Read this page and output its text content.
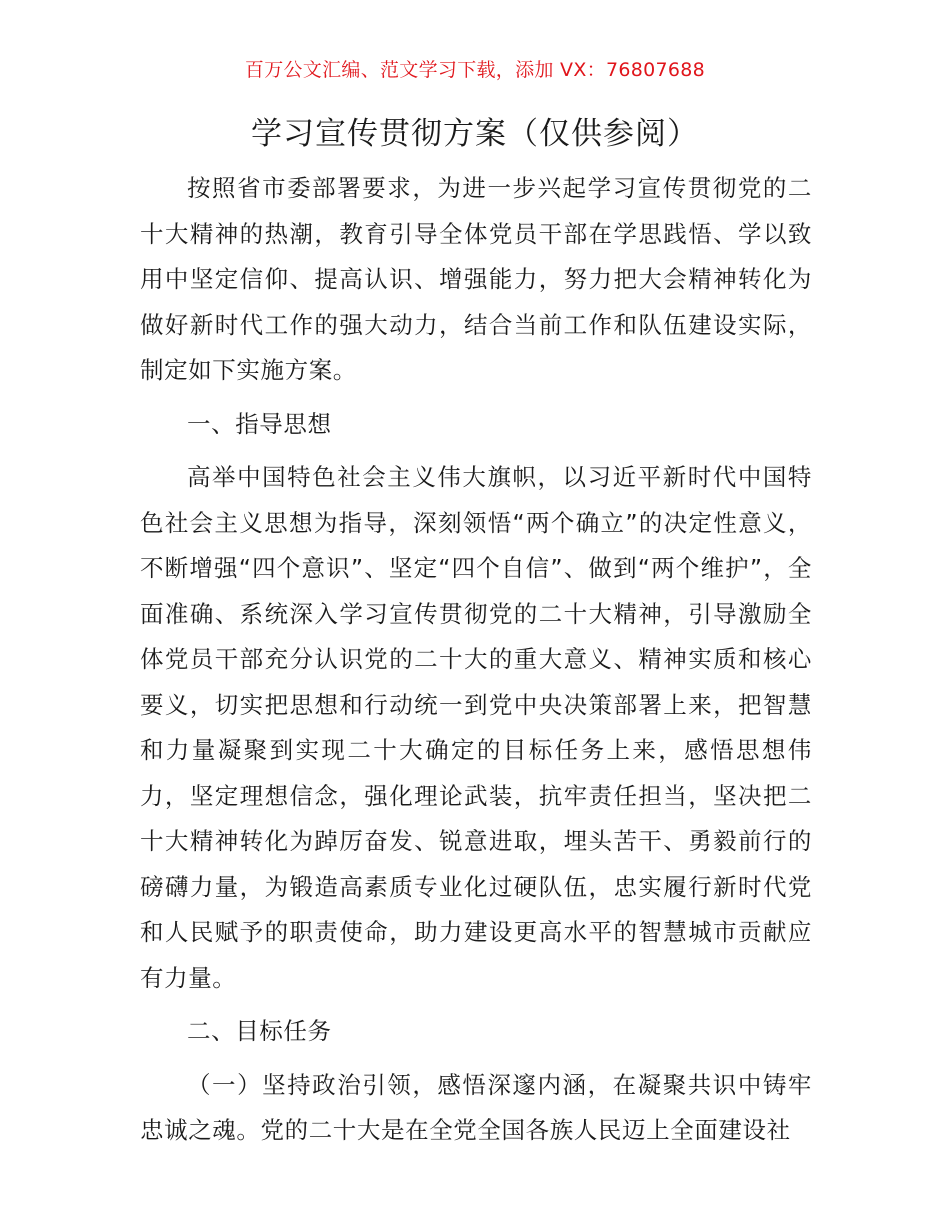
百万公文汇编、范文学习下载，添加 VX：76807688
学习宣传贯彻方案（仅供参阅）

按照省市委部署要求，为进一步兴起学习宣传贯彻党的二十大精神的热潮，教育引导全体党员干部在学思践悟、学以致用中坚定信仰、提高认识、增强能力，努力把大会精神转化为做好新时代工作的强大动力，结合当前工作和队伍建设实际，制定如下实施方案。

一、指导思想

高举中国特色社会主义伟大旗帜，以习近平新时代中国特色社会主义思想为指导，深刻领悟“两个确立”的决定性意义，不断增强“四个意识”、坚定“四个自信”、做到“两个维护”，全面准确、系统深入学习宣传贯彻党的二十大精神，引导激励全体党员干部充分认识党的二十大的重大意义、精神实质和核心要义，切实把思想和行动统一到党中央决策部署上来，把智慧和力量凝聚到实现二十大确定的目标任务上来，感悟思想伟力，坚定理想信念，强化理论武装，抗牢责任担当，坚决把二十大精神转化为踔厉奋发、锐意进取，埋头苦干、勇毅前行的磅礴力量，为锻造高素质专业化过硬队伍，忠实履行新时代党和人民赋予的职责使命，助力建设更高水平的智慧城市贡献应有力量。

二、目标任务

（一）坚持政治引领，感悟深邃内涵，在凝聚共识中铸牢忠诚之魂。党的二十大是在全党全国各族人民迈上全面建设社
